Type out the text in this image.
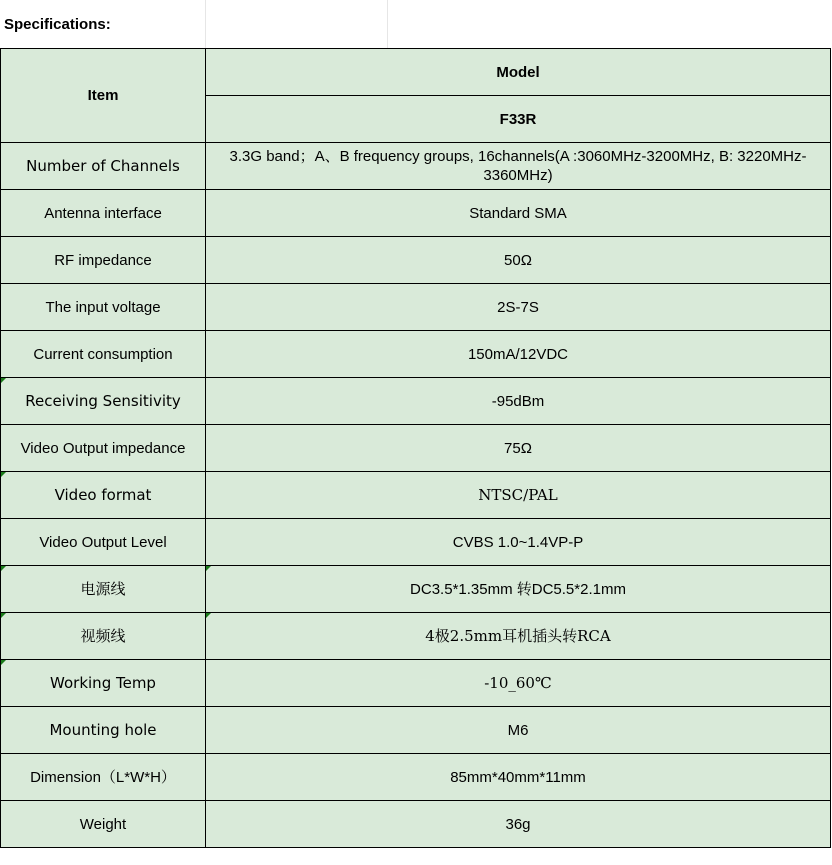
Specifications:
Item	Model
	F33R
Number of Channels	3.3G band；A、B frequency groups, 16channels(A :3060MHz-3200MHz, B: 3220MHz-3360MHz)
Antenna interface	Standard SMA
RF impedance	50Ω
The input voltage	2S-7S
Current consumption	150mA/12VDC
Receiving Sensitivity	-95dBm
Video Output impedance	75Ω
Video format	NTSC/PAL
Video Output Level	CVBS 1.0~1.4VP-P
电源线	DC3.5*1.35mm 转DC5.5*2.1mm
视频线	4极2.5mm耳机插头转RCA
Working Temp	-10_60℃
Mounting hole	M6
Dimension（L*W*H）	85mm*40mm*11mm
Weight	36g
